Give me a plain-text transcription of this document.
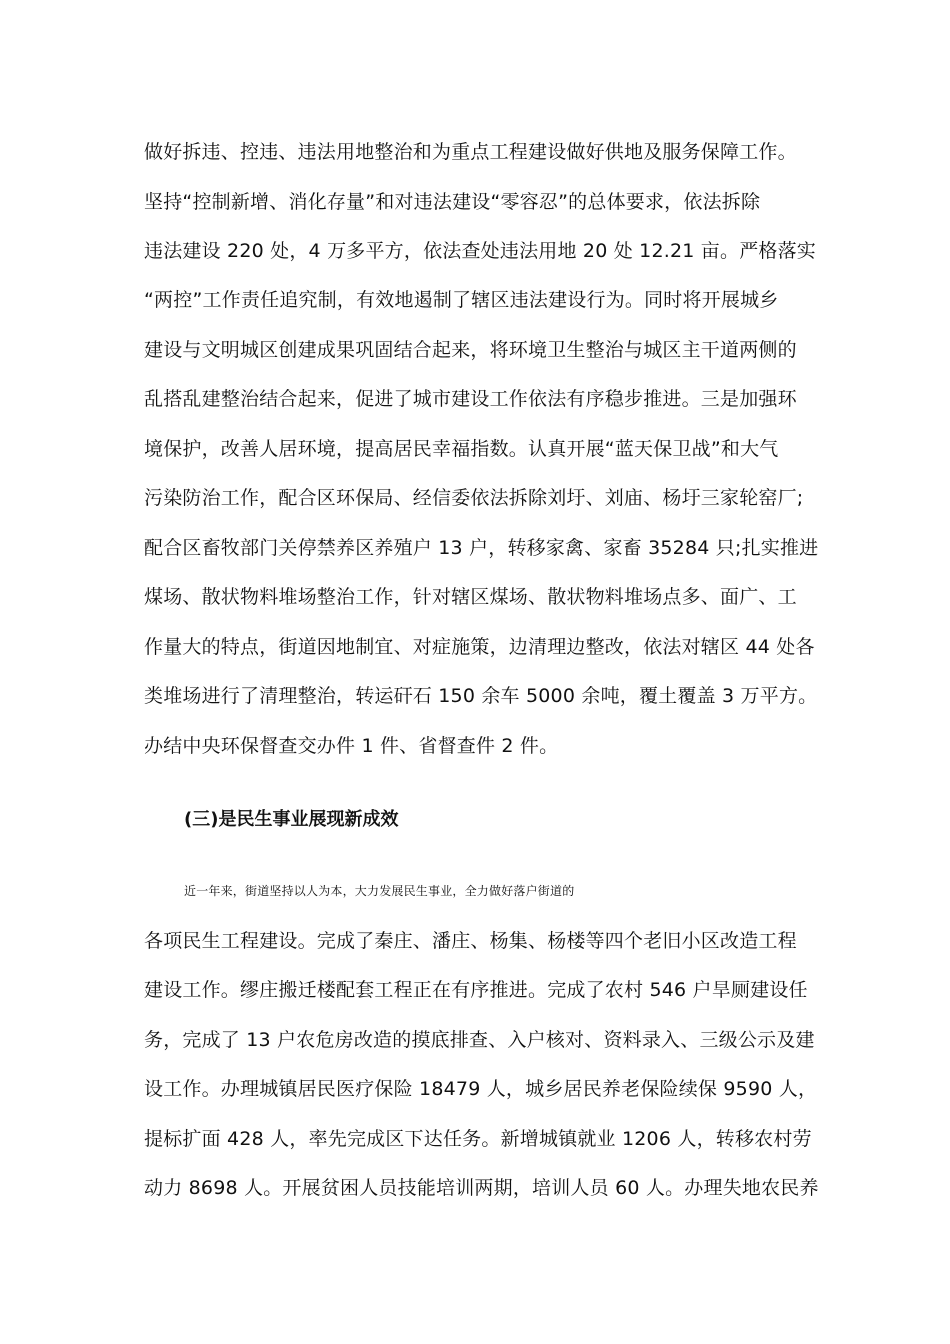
做好拆违、控违、违法用地整治和为重点工程建设做好供地及服务保障工作。
坚持“控制新增、消化存量”和对违法建设“零容忍”的总体要求，依法拆除
违法建设 220 处，4 万多平方，依法查处违法用地 20 处 12.21 亩。严格落实
“两控”工作责任追究制，有效地遏制了辖区违法建设行为。同时将开展城乡
建设与文明城区创建成果巩固结合起来，将环境卫生整治与城区主干道两侧的
乱搭乱建整治结合起来，促进了城市建设工作依法有序稳步推进。三是加强环
境保护，改善人居环境，提高居民幸福指数。认真开展“蓝天保卫战”和大气
污染防治工作，配合区环保局、经信委依法拆除刘圩、刘庙、杨圩三家轮窑厂;
配合区畜牧部门关停禁养区养殖户 13 户，转移家禽、家畜 35284 只;扎实推进
煤场、散状物料堆场整治工作，针对辖区煤场、散状物料堆场点多、面广、工
作量大的特点，街道因地制宜、对症施策，边清理边整改，依法对辖区 44 处各
类堆场进行了清理整治，转运矸石 150 余车 5000 余吨，覆土覆盖 3 万平方。
办结中央环保督查交办件 1 件、省督查件 2 件。
(三)是民生事业展现新成效
近一年来，街道坚持以人为本，大力发展民生事业，全力做好落户街道的
各项民生工程建设。完成了秦庄、潘庄、杨集、杨楼等四个老旧小区改造工程
建设工作。缪庄搬迁楼配套工程正在有序推进。完成了农村 546 户旱厕建设任
务，完成了 13 户农危房改造的摸底排查、入户核对、资料录入、三级公示及建
设工作。办理城镇居民医疗保险 18479 人，城乡居民养老保险续保 9590 人，
提标扩面 428 人，率先完成区下达任务。新增城镇就业 1206 人，转移农村劳
动力 8698 人。开展贫困人员技能培训两期，培训人员 60 人。办理失地农民养
